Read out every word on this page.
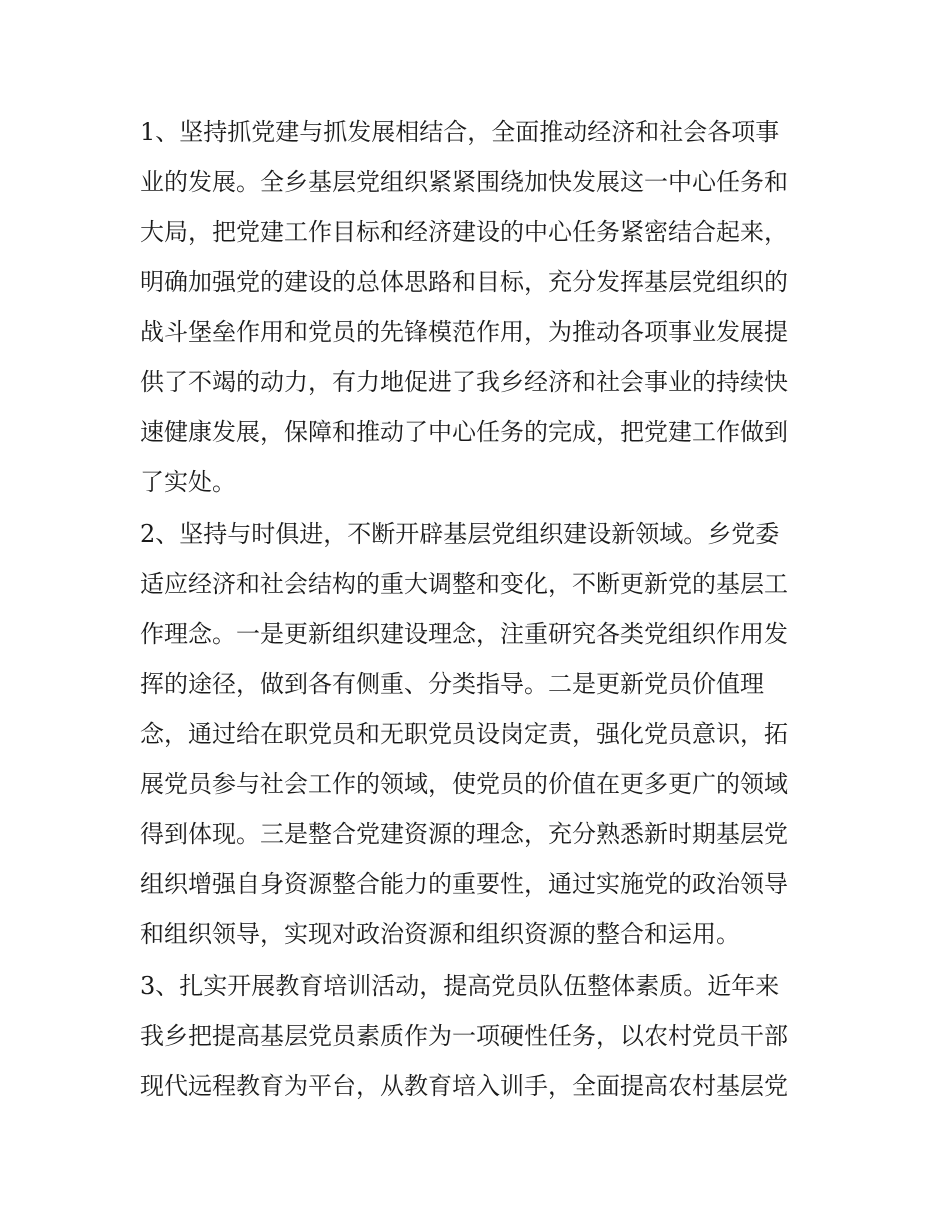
1、坚持抓党建与抓发展相结合，全面推动经济和社会各项事
业的发展。全乡基层党组织紧紧围绕加快发展这一中心任务和
大局，把党建工作目标和经济建设的中心任务紧密结合起来，
明确加强党的建设的总体思路和目标，充分发挥基层党组织的
战斗堡垒作用和党员的先锋模范作用，为推动各项事业发展提
供了不竭的动力，有力地促进了我乡经济和社会事业的持续快
速健康发展，保障和推动了中心任务的完成，把党建工作做到
了实处。
2、坚持与时俱进，不断开辟基层党组织建设新领域。乡党委
适应经济和社会结构的重大调整和变化，不断更新党的基层工
作理念。一是更新组织建设理念，注重研究各类党组织作用发
挥的途径，做到各有侧重、分类指导。二是更新党员价值理
念，通过给在职党员和无职党员设岗定责，强化党员意识，拓
展党员参与社会工作的领域，使党员的价值在更多更广的领域
得到体现。三是整合党建资源的理念，充分熟悉新时期基层党
组织增强自身资源整合能力的重要性，通过实施党的政治领导
和组织领导，实现对政治资源和组织资源的整合和运用。
3、扎实开展教育培训活动，提高党员队伍整体素质。近年来
我乡把提高基层党员素质作为一项硬性任务，以农村党员干部
现代远程教育为平台，从教育培入训手，全面提高农村基层党
